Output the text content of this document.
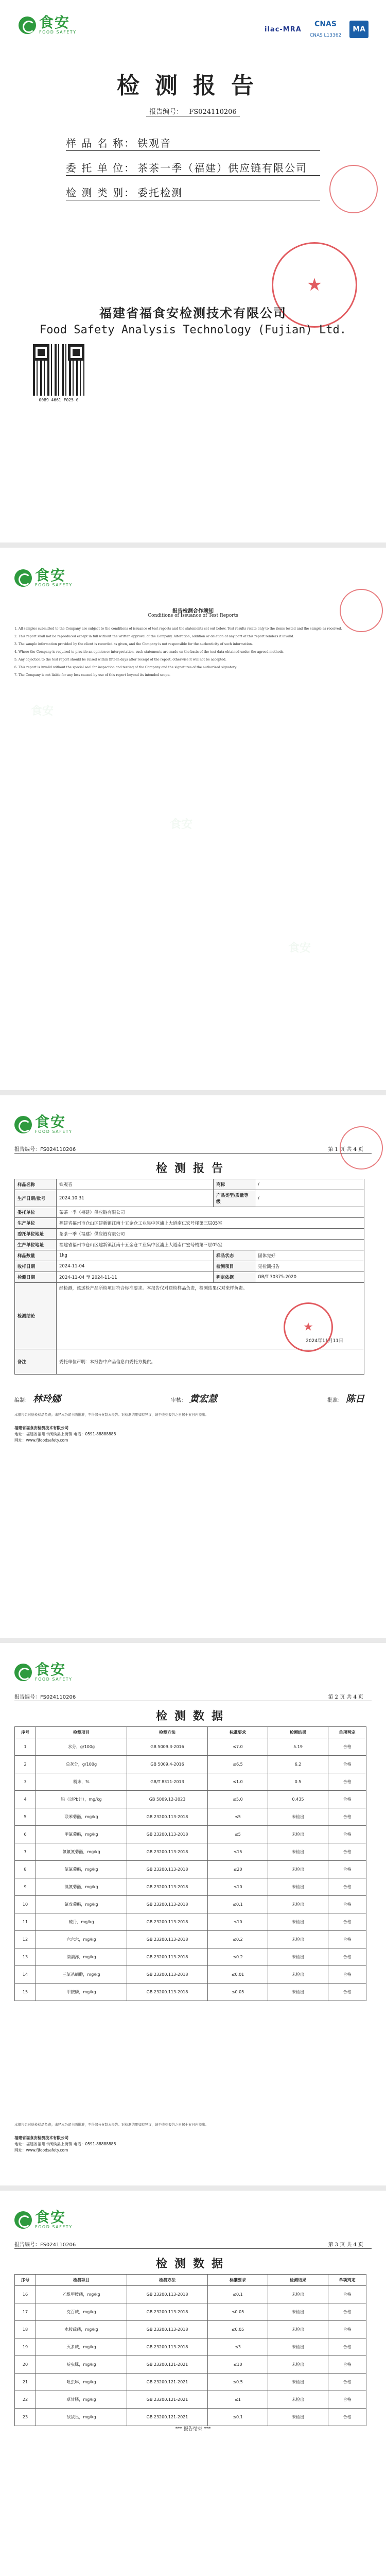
食安
FOOD SAFETY	ilac-MRA
CNAS
CNAS L13362
MA
检测报告
报告编号： FS024110206
样 品 名 称： 铁观音
委 托 单 位： 茶茶一季（福建）供应链有限公司
检 测 类 别： 委托检测
★
福建省福食安检测技术有限公司
Food Safety Analysis Technology (Fujian) Ltd.
0089 4661 F025 0
食安
食安
食安
食安
FOOD SAFETY
报告检测合作须知
Conditions of Issuance of Test Reports

1. All samples submitted to the Company are subject to the conditions of issuance of test reports and the statements set out below. Test results relate only to the items tested and the sample as received.

2. This report shall not be reproduced except in full without the written approval of the Company. Alteration, addition or deletion of any part of this report renders it invalid.

3. The sample information provided by the client is recorded as given, and the Company is not responsible for the authenticity of such information.

4. Where the Company is required to provide an opinion or interpretation, such statements are made on the basis of the test data obtained under the agreed methods.

5. Any objection to the test report should be raised within fifteen days after receipt of the report, otherwise it will not be accepted.

6. This report is invalid without the special seal for inspection and testing of the Company and the signatures of the authorised signatory.

7. The Company is not liable for any loss caused by use of this report beyond its intended scope.

食安
FOOD SAFETY
报告编号：FS024110206	第 1 页 共 4 页
检测报告
样品名称	铁观音	商标	/
生产日期/批号	2024.10.31	产品类型/质量等级	/
委托单位	茶茶一季（福建）供应链有限公司		
生产单位	福建省福州市仓山区建新镇江南十五金仓工业集中区浦上大道南仁宏号楼第三层05室		
委托单位地址	茶茶一季（福建）供应链有限公司		
生产单位地址	福建省福州市仓山区建新镇江南十五金仓工业集中区浦上大道南仁宏号楼第三层05室		
样品数量	1kg	样品状态	固体完好
收样日期	2024-11-04	检测项目	见检测报告
检测日期	2024-11-04 至 2024-11-11	判定依据	GB/T 30375-2020
检测结论	经检测，该送检产品所检项目符合标准要求。本报告仅对送检样品负责，检测结果仅对来样负责。
2024年11月11日
★		

备注	委托单位声明：本报告中产品信息由委托方提供。		
编制： 林玲娜	审核： 黄宏慧	批准： 陈日
本报告只对送检样品负责；未经本公司书面批准，不得部分复制本报告。对检测结果如有异议，请于收到报告之日起十五日内提出。
福建省福食安检测技术有限公司
地址：福建省福州市闽侯县上街镇 电话：0591-88888888
网址：www.fjfoodsafety.com
食安
FOOD SAFETY
报告编号：FS024110206	第 2 页 共 4 页
检测数据
序号	检测项目	检测方法	标准要求	检测结果	单项判定
1	水分，g/100g	GB 5009.3-2016	≤7.0	5.19	合格
2	总灰分，g/100g	GB 5009.4-2016	≤6.5	6.2	合格
3	粉末，%	GB/T 8311-2013	≤1.0	0.5	合格
4	铅（以Pb计），mg/kg	GB 5009.12-2023	≤5.0	0.435	合格
5	联苯菊酯，mg/kg	GB 23200.113-2018	≤5	未检出	合格
6	甲氰菊酯，mg/kg	GB 23200.113-2018	≤5	未检出	合格
7	氯氟氰菊酯，mg/kg	GB 23200.113-2018	≤15	未检出	合格
8	氯氰菊酯，mg/kg	GB 23200.113-2018	≤20	未检出	合格
9	溴氰菊酯，mg/kg	GB 23200.113-2018	≤10	未检出	合格
10	氰戊菊酯，mg/kg	GB 23200.113-2018	≤0.1	未检出	合格
11	硫丹，mg/kg	GB 23200.113-2018	≤10	未检出	合格
12	六六六，mg/kg	GB 23200.113-2018	≤0.2	未检出	合格
13	滴滴涕，mg/kg	GB 23200.113-2018	≤0.2	未检出	合格
14	三氯杀螨醇，mg/kg	GB 23200.113-2018	≤0.01	未检出	合格
15	甲胺磷，mg/kg	GB 23200.113-2018	≤0.05	未检出	合格
本报告只对送检样品负责；未经本公司书面批准，不得部分复制本报告。对检测结果如有异议，请于收到报告之日起十五日内提出。
福建省福食安检测技术有限公司
地址：福建省福州市闽侯县上街镇 电话：0591-88888888
网址：www.fjfoodsafety.com
食安
FOOD SAFETY
报告编号：FS024110206	第 3 页 共 4 页
检测数据
序号	检测项目	检测方法	标准要求	检测结果	单项判定
16	乙酰甲胺磷，mg/kg	GB 23200.113-2018	≤0.1	未检出	合格
17	克百威，mg/kg	GB 23200.113-2018	≤0.05	未检出	合格
18	水胺硫磷，mg/kg	GB 23200.113-2018	≤0.05	未检出	合格
19	灭多威，mg/kg	GB 23200.113-2018	≤3	未检出	合格
20	啶虫脒，mg/kg	GB 23200.121-2021	≤10	未检出	合格
21	吡虫啉，mg/kg	GB 23200.121-2021	≤0.5	未检出	合格
22	草甘膦，mg/kg	GB 23200.121-2021	≤1	未检出	合格
23	敌敌畏，mg/kg	GB 23200.121-2021	≤0.1	未检出	合格
*** 报告结束 ***
